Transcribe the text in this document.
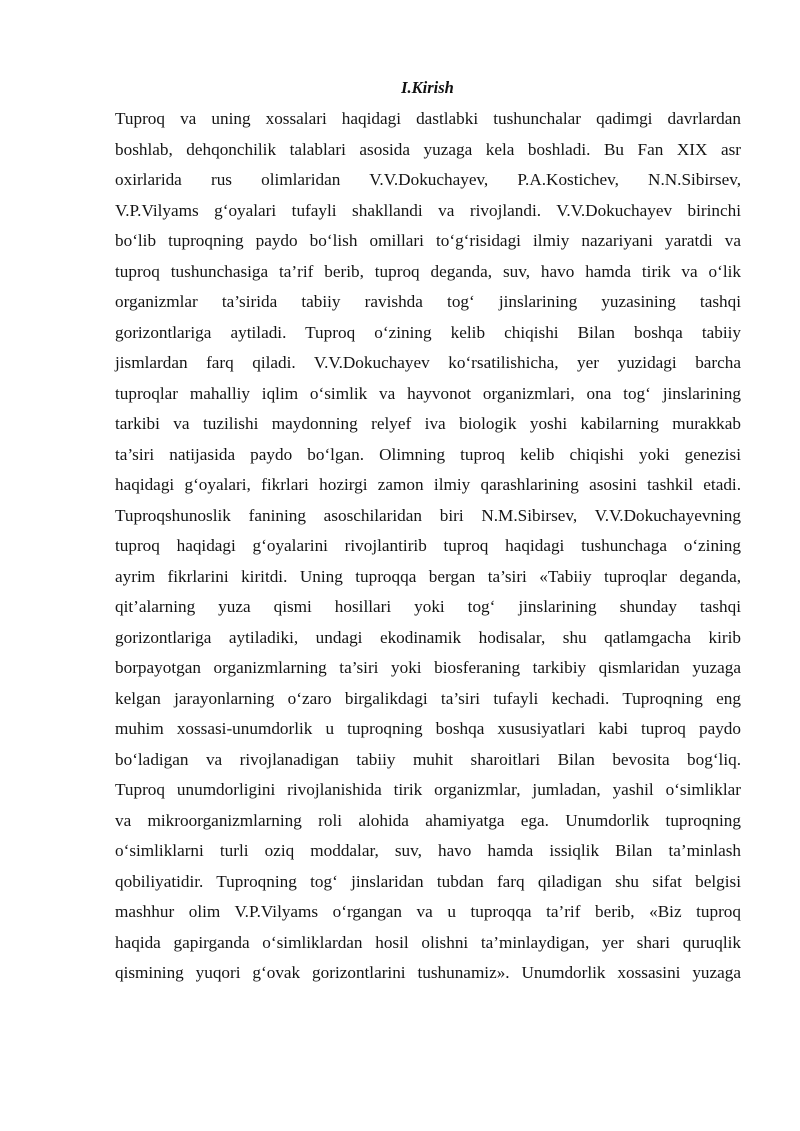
I.Kirish
Tuproq va uning xossalari haqidagi dastlabki tushunchalar qadimgi davrlardan
boshlab, dehqonchilik talablari asosida yuzaga kela boshladi. Bu Fan XIX asr
oxirlarida rus olimlaridan V.V.Dokuchayev, P.A.Kostichev, N.N.Sibirsev,
V.P.Vilyams g‘oyalari tufayli shakllandi va rivojlandi. V.V.Dokuchayev birinchi
bo‘lib tuproqning paydo bo‘lish omillari to‘g‘risidagi ilmiy nazariyani yaratdi va
tuproq tushunchasiga ta’rif berib, tuproq deganda, suv, havo hamda tirik va o‘lik
organizmlar ta’sirida tabiiy ravishda tog‘ jinslarining yuzasining tashqi
gorizontlariga aytiladi. Tuproq o‘zining kelib chiqishi Bilan boshqa tabiiy
jismlardan farq qiladi. V.V.Dokuchayev ko‘rsatilishicha, yer yuzidagi barcha
tuproqlar mahalliy iqlim o‘simlik va hayvonot organizmlari, ona tog‘ jinslarining
tarkibi va tuzilishi maydonning relyef iva biologik yoshi kabilarning murakkab
ta’siri natijasida paydo bo‘lgan. Olimning tuproq kelib chiqishi yoki genezisi
haqidagi g‘oyalari, fikrlari hozirgi zamon ilmiy qarashlarining asosini tashkil etadi.
Tuproqshunoslik fanining asoschilaridan biri N.M.Sibirsev, V.V.Dokuchayevning
tuproq haqidagi g‘oyalarini rivojlantirib tuproq haqidagi tushunchaga o‘zining
ayrim fikrlarini kiritdi. Uning tuproqqa bergan ta’siri «Tabiiy tuproqlar deganda,
qit’alarning yuza qismi hosillari yoki tog‘ jinslarining shunday tashqi
gorizontlariga aytiladiki, undagi ekodinamik hodisalar, shu qatlamgacha kirib
borpayotgan organizmlarning ta’siri yoki biosferaning tarkibiy qismlaridan yuzaga
kelgan jarayonlarning o‘zaro birgalikdagi ta’siri tufayli kechadi. Tuproqning eng
muhim xossasi-unumdorlik u tuproqning boshqa xususiyatlari kabi tuproq paydo
bo‘ladigan va rivojlanadigan tabiiy muhit sharoitlari Bilan bevosita bog‘liq.
Tuproq unumdorligini rivojlanishida tirik organizmlar, jumladan, yashil o‘simliklar
va mikroorganizmlarning roli alohida ahamiyatga ega. Unumdorlik tuproqning
o‘simliklarni turli oziq moddalar, suv, havo hamda issiqlik Bilan ta’minlash
qobiliyatidir. Tuproqning tog‘ jinslaridan tubdan farq qiladigan shu sifat belgisi
mashhur olim V.P.Vilyams o‘rgangan va u tuproqqa ta’rif berib, «Biz tuproq
haqida gapirganda o‘simliklardan hosil olishni ta’minlaydigan, yer shari quruqlik
qismining yuqori g‘ovak gorizontlarini tushunamiz». Unumdorlik xossasini yuzaga
